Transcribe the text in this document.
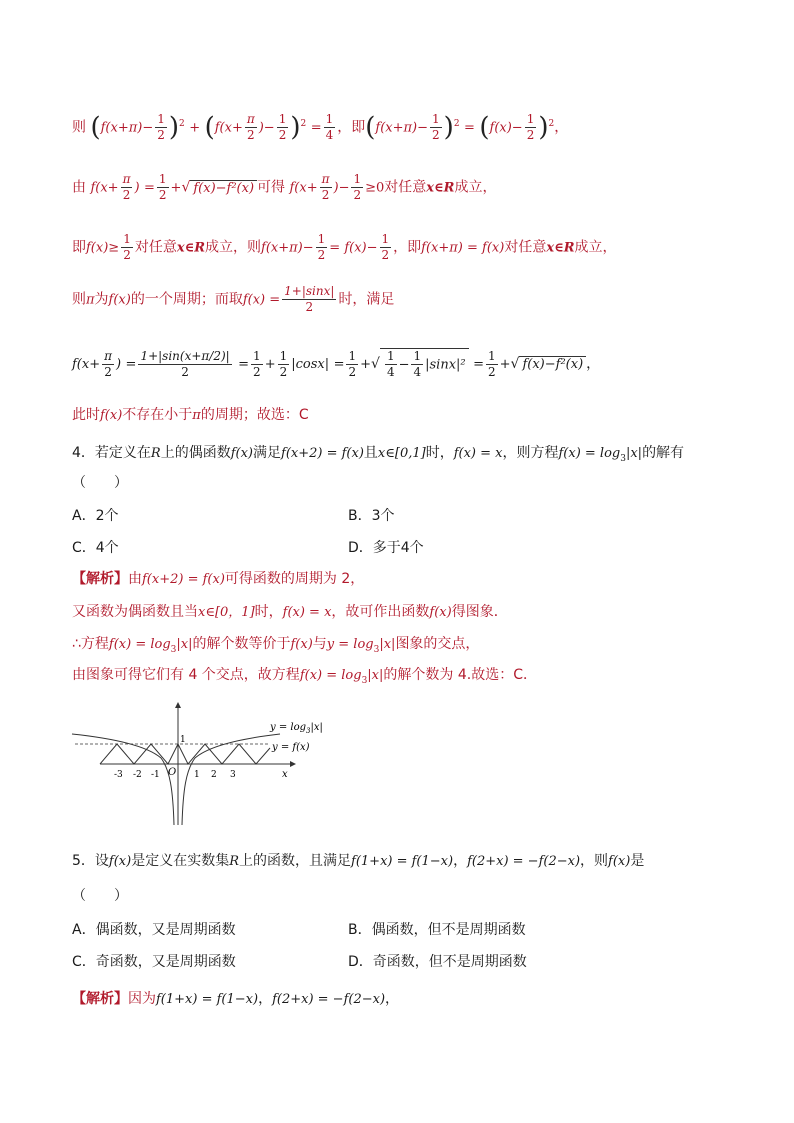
则 $(f(x+\pi)- \frac{1}{2} )^2 + (f(x+ \frac{\pi}{2}$ )− $\frac{1}{2} )^2 = \frac{1}{4}$ ，即$(f(x+\pi)- \frac{1}{2} )^2 = (f(x)- \frac{1}{2} )^2$，
由 $f(x+ \frac{\pi}{2}$ ) = $\frac{1}{2}$ +√ f(x)−f²(x) 可得 $f(x+ \frac{\pi}{2}$ )− $\frac{1}{2} \ge 0$对任意x∈R成立，
即$f(x)\ge \frac{1}{2}$ 对任意x∈R成立，则$f(x+\pi)- \frac{1}{2} = f(x)- \frac{1}{2}$ ，即f(x+π) = f(x)对任意x∈R成立，
则π为f(x)的一个周期；而取$f(x) = \frac{1+|\sin x|}{2}$ 时，满足
$f(x+ \frac{\pi}{2}$ ) = $\frac{1+|\sin(x+\pi/2)|}{2} = \frac{1}{2} + \frac{1}{2} |\cos x| = \frac{1}{2}$ +√ $\frac{1}{4} - \frac{1}{4} |\sin x|^2 = \frac{1}{2}$ +√ f(x)−f²(x) ，
此时f(x)不存在小于π的周期；故选：C
4．若定义在R上的偶函数f(x)满足f(x+2) = f(x)且x∈[0,1]时，f(x) = x，则方程$f(x) = \log_3|x|$的解有
（　　）
A．2个	B．3个
C．4个	D．多于4个
【解析】由f(x+2) = f(x)可得函数的周期为 2，
又函数为偶函数且当x∈[0，1]时，f(x) = x，故可作出函数f(x)得图象．
∴方程$f(x) = \log_3|x|$的解个数等价于f(x)与$y = \log_3|x|$图象的交点，
由图象可得它们有 4 个交点，故方程$f(x) = \log_3|x|$的解个数为 4.故选：C．
$y = \log_3|x|$
y = f(x)
x
O
1
-3 -2 -1	1 2 3
5．设f(x)是定义在实数集R上的函数，且满足f(1+x) = f(1−x)，f(2+x) = −f(2−x)，则f(x)是
（　　）
A．偶函数，又是周期函数	B．偶函数，但不是周期函数
C．奇函数，又是周期函数	D．奇函数，但不是周期函数
【解析】因为f(1+x) = f(1−x)，f(2+x) = −f(2−x)，
